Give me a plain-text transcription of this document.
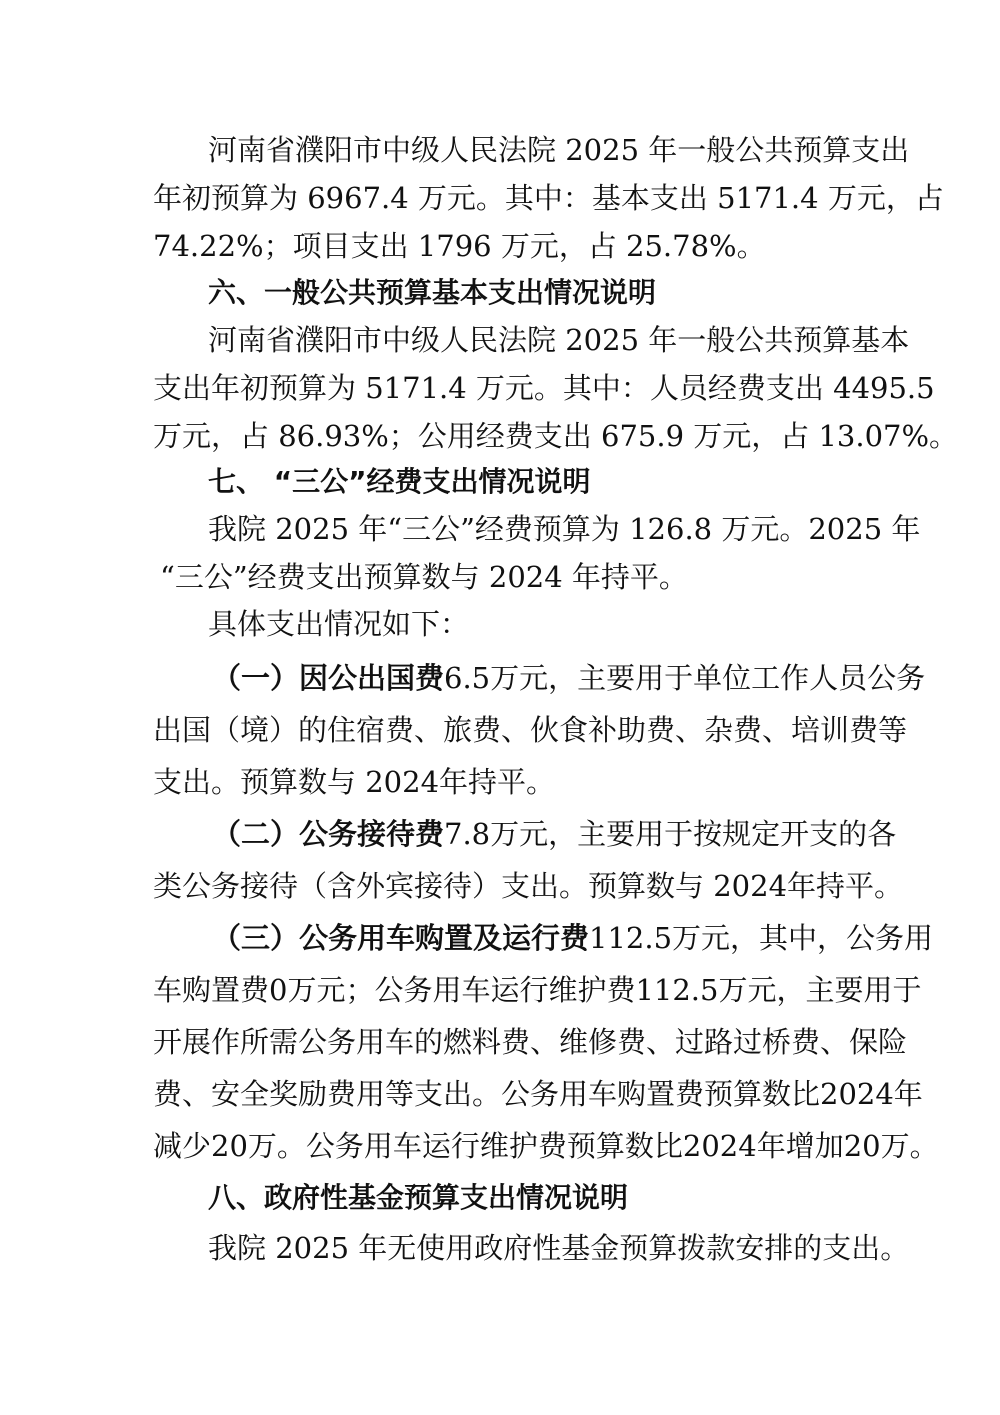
河南省濮阳市中级人民法院 2025 年一般公共预算支出

年初预算为 6967.4 万元。其中：基本支出 5171.4 万元，占

74.22%；项目支出 1796 万元，占 25.78%。

六、一般公共预算基本支出情况说明

河南省濮阳市中级人民法院 2025 年一般公共预算基本

支出年初预算为 5171.4 万元。其中：人员经费支出 4495.5

万元，占 86.93%；公用经费支出 675.9 万元，占 13.07%。

七、 “三公”经费支出情况说明

我院 2025 年“三公”经费预算为 126.8 万元。2025 年

“三公”经费支出预算数与 2024 年持平。

具体支出情况如下：

（一）因公出国费6.5万元，主要用于单位工作人员公务

出国（境）的住宿费、旅费、伙食补助费、杂费、培训费等

支出。预算数与 2024年持平。

（二）公务接待费7.8万元，主要用于按规定开支的各

类公务接待（含外宾接待）支出。预算数与 2024年持平。

（三）公务用车购置及运行费112.5万元，其中，公务用

车购置费0万元；公务用车运行维护费112.5万元，主要用于

开展作所需公务用车的燃料费、维修费、过路过桥费、保险

费、安全奖励费用等支出。公务用车购置费预算数比2024年

减少20万。公务用车运行维护费预算数比2024年增加20万。

八、政府性基金预算支出情况说明

我院 2025 年无使用政府性基金预算拨款安排的支出。
